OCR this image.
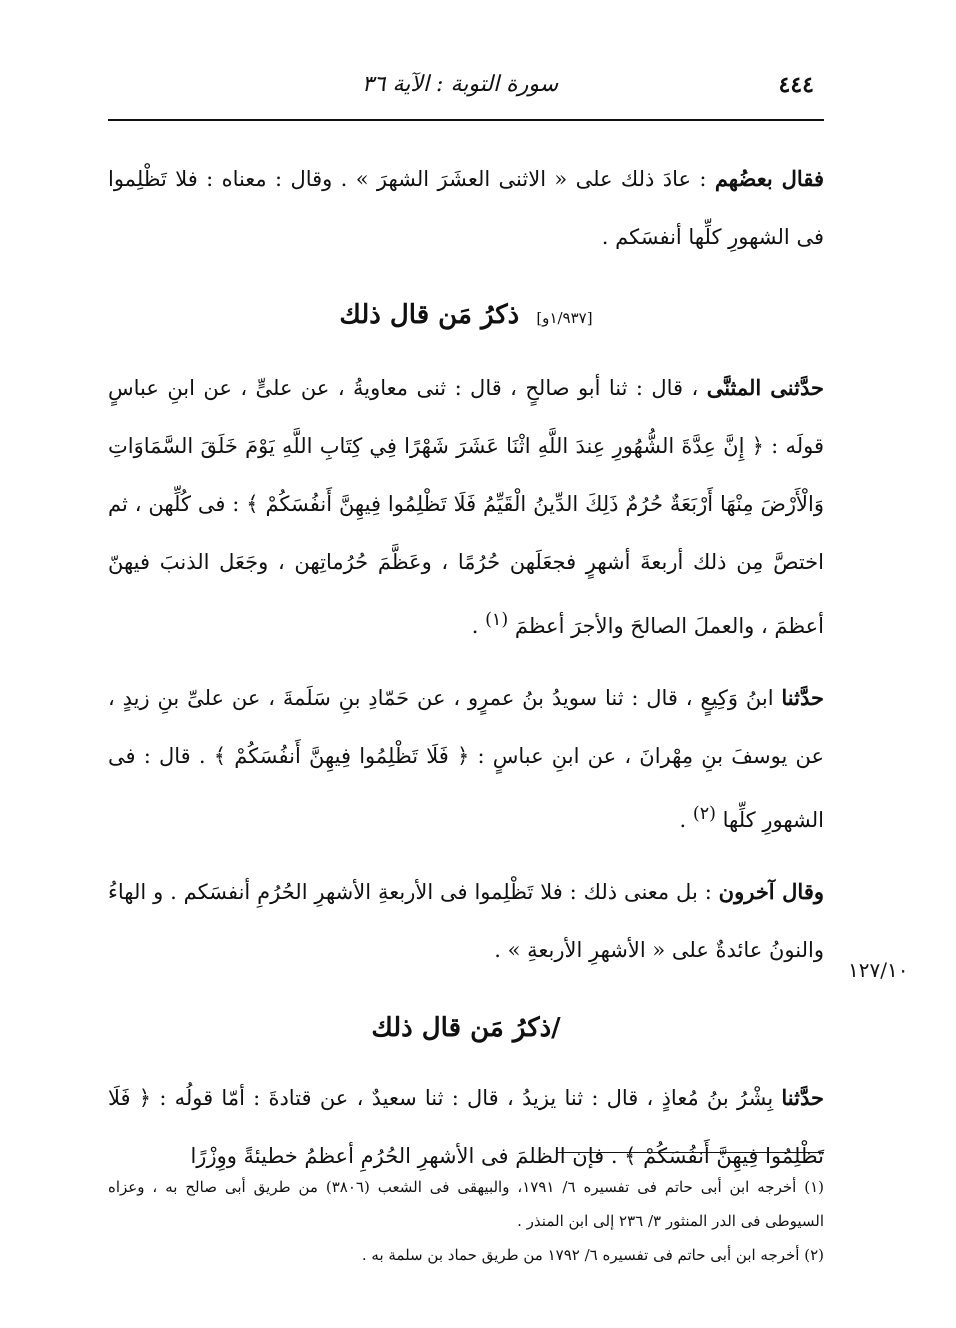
٤٤٤
سورة التوبة : الآية ٣٦
١٢٧/١٠

فقال بعضُهم : عادَ ذلك على « الاثنى العشَرَ الشهرَ » . وقال : معناه : فلا تَظْلِموا فى الشهورِ كلِّها أنفسَكم .

[١/٩٣٧و] ذكرُ مَن قال ذلك

حدَّثنى المثنَّى ، قال : ثنا أبو صالحٍ ، قال : ثنى معاويةُ ، عن علىٍّ ، عن ابنِ عباسٍ قولَه : ﴿ إِنَّ عِدَّةَ الشُّهُورِ عِندَ اللَّهِ اثْنَا عَشَرَ شَهْرًا فِي كِتَابِ اللَّهِ يَوْمَ خَلَقَ السَّمَاوَاتِ وَالْأَرْضَ مِنْهَا أَرْبَعَةٌ حُرُمٌ ذَلِكَ الدِّينُ الْقَيِّمُ فَلَا تَظْلِمُوا فِيهِنَّ أَنفُسَكُمْ ﴾ : فى كُلِّهن ، ثم اختصَّ مِن ذلك أربعةَ أشهرٍ فجعَلَهن حُرُمًا ، وعَظَّمَ حُرُماتِهن ، وجَعَل الذنبَ فيهنّ أعظمَ ، والعملَ الصالحَ والأجرَ أعظمَ $^{(١)}$ .

حدَّثنا ابنُ وَكِيعٍ ، قال : ثنا سويدُ بنُ عمرٍو ، عن حَمّادِ بنِ سَلَمةَ ، عن علىِّ بنِ زيدٍ ، عن يوسفَ بنِ مِهْرانَ ، عن ابنِ عباسٍ : ﴿ فَلَا تَظْلِمُوا فِيهِنَّ أَنفُسَكُمْ ﴾ . قال : فى الشهورِ كلِّها $^{(٢)}$ .

وقال آخرون : بل معنى ذلك : فلا تَظْلِموا فى الأربعةِ الأشهرِ الحُرُمِ أنفسَكم . و الهاءُ والنونُ عائدةٌ على « الأشهرِ الأربعةِ » .

/ذكرُ مَن قال ذلك

حدَّثنا بِشْرُ بنُ مُعاذٍ ، قال : ثنا يزيدُ ، قال : ثنا سعيدٌ ، عن قتادةَ : أمّا قولُه : ﴿ فَلَا تَظْلِمُوا فِيهِنَّ أَنفُسَكُمْ ﴾ . فإن الظلمَ فى الأشهرِ الحُرُمِ أعظمُ خطيئةً ووِزْرًا

(١) أخرجه ابن أبى حاتم فى تفسيره ٦/ ١٧٩١، والبيهقى فى الشعب (٣٨٠٦) من طريق أبى صالح به ، وعزاه السيوطى فى الدر المنثور ٣/ ٢٣٦ إلى ابن المنذر .

(٢) أخرجه ابن أبى حاتم فى تفسيره ٦/ ١٧٩٢ من طريق حماد بن سلمة به .
